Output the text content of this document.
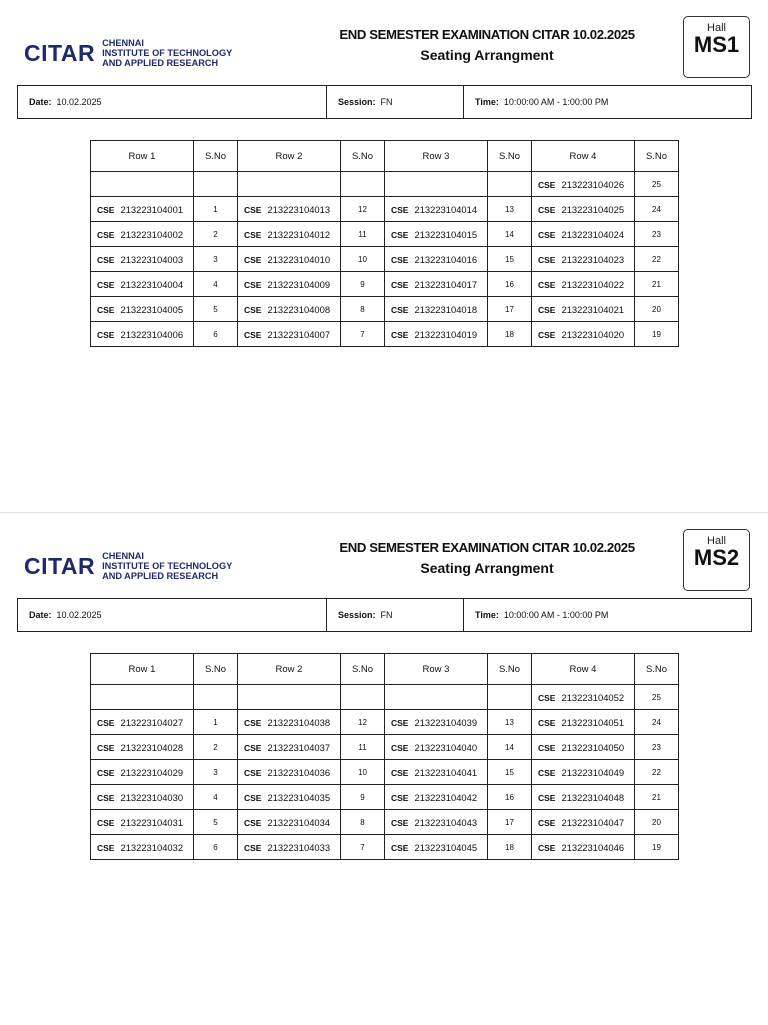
CITAR CHENNAI
INSTITUTE OF TECHNOLOGY
AND APPLIED RESEARCH
END SEMESTER EXAMINATION CITAR 10.02.2025
Seating Arrangment
Hall
MS1
Date: 10.02.2025	Session: FN	Time: 10:00:00 AM - 1:00:00 PM
Row 1	S.No	Row 2	S.No	Row 3	S.No	Row 4	S.No
						CSE 213223104026	25
CSE 213223104001	1	CSE 213223104013	12	CSE 213223104014	13	CSE 213223104025	24
CSE 213223104002	2	CSE 213223104012	11	CSE 213223104015	14	CSE 213223104024	23
CSE 213223104003	3	CSE 213223104010	10	CSE 213223104016	15	CSE 213223104023	22
CSE 213223104004	4	CSE 213223104009	9	CSE 213223104017	16	CSE 213223104022	21
CSE 213223104005	5	CSE 213223104008	8	CSE 213223104018	17	CSE 213223104021	20
CSE 213223104006	6	CSE 213223104007	7	CSE 213223104019	18	CSE 213223104020	19
CITAR CHENNAI
INSTITUTE OF TECHNOLOGY
AND APPLIED RESEARCH
END SEMESTER EXAMINATION CITAR 10.02.2025
Seating Arrangment
Hall
MS2
Date: 10.02.2025	Session: FN	Time: 10:00:00 AM - 1:00:00 PM
Row 1	S.No	Row 2	S.No	Row 3	S.No	Row 4	S.No
						CSE 213223104052	25
CSE 213223104027	1	CSE 213223104038	12	CSE 213223104039	13	CSE 213223104051	24
CSE 213223104028	2	CSE 213223104037	11	CSE 213223104040	14	CSE 213223104050	23
CSE 213223104029	3	CSE 213223104036	10	CSE 213223104041	15	CSE 213223104049	22
CSE 213223104030	4	CSE 213223104035	9	CSE 213223104042	16	CSE 213223104048	21
CSE 213223104031	5	CSE 213223104034	8	CSE 213223104043	17	CSE 213223104047	20
CSE 213223104032	6	CSE 213223104033	7	CSE 213223104045	18	CSE 213223104046	19
